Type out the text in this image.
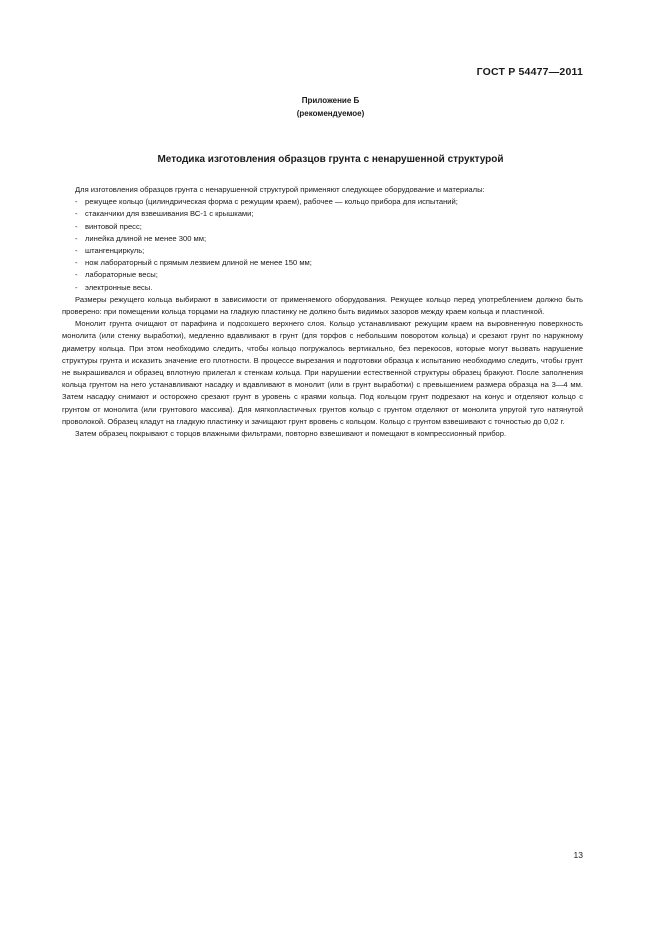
ГОСТ Р 54477—2011
Приложение Б
(рекомендуемое)
Методика изготовления образцов грунта с ненарушенной структурой

Для изготовления образцов грунта с ненарушенной структурой применяют следующее оборудование и материалы:

- режущее кольцо (цилиндрическая форма с режущим краем), рабочее — кольцо прибора для испытаний;
- стаканчики для взвешивания ВС-1 с крышками;
- винтовой пресс;
- линейка длиной не менее 300 мм;
- штангенциркуль;
- нож лабораторный с прямым лезвием длиной не менее 150 мм;
- лабораторные весы;
- электронные весы.

Размеры режущего кольца выбирают в зависимости от применяемого оборудования. Режущее кольцо перед употреблением должно быть проверено: при помещении кольца торцами на гладкую пластинку не должно быть видимых зазоров между краем кольца и пластинкой.

Монолит грунта очищают от парафина и подсохшего верхнего слоя. Кольцо устанавливают режущим краем на выровненную поверхность монолита (или стенку выработки), медленно вдавливают в грунт (для торфов с небольшим поворотом кольца) и срезают грунт по наружному диаметру кольца. При этом необходимо следить, чтобы кольцо погружалось вертикально, без перекосов, которые могут вызвать нарушение структуры грунта и исказить значение его плотности. В процессе вырезания и подготовки образца к испытанию необходимо следить, чтобы грунт не выкрашивался и образец вплотную прилегал к стенкам кольца. При нарушении естественной структуры образец бракуют. После заполнения кольца грунтом на него устанавливают насадку и вдавливают в монолит (или в грунт выработки) с превышением размера образца на 3—4 мм. Затем насадку снимают и осторожно срезают грунт в уровень с краями кольца. Под кольцом грунт подрезают на конус и отделяют кольцо с грунтом от монолита (или грунтового массива). Для мягкопластичных грунтов кольцо с грунтом отделяют от монолита упругой туго натянутой проволокой. Образец кладут на гладкую пластинку и зачищают грунт вровень с кольцом. Кольцо с грунтом взвешивают с точностью до 0,02 г.

Затем образец покрывают с торцов влажными фильтрами, повторно взвешивают и помещают в компрессионный прибор.

13
